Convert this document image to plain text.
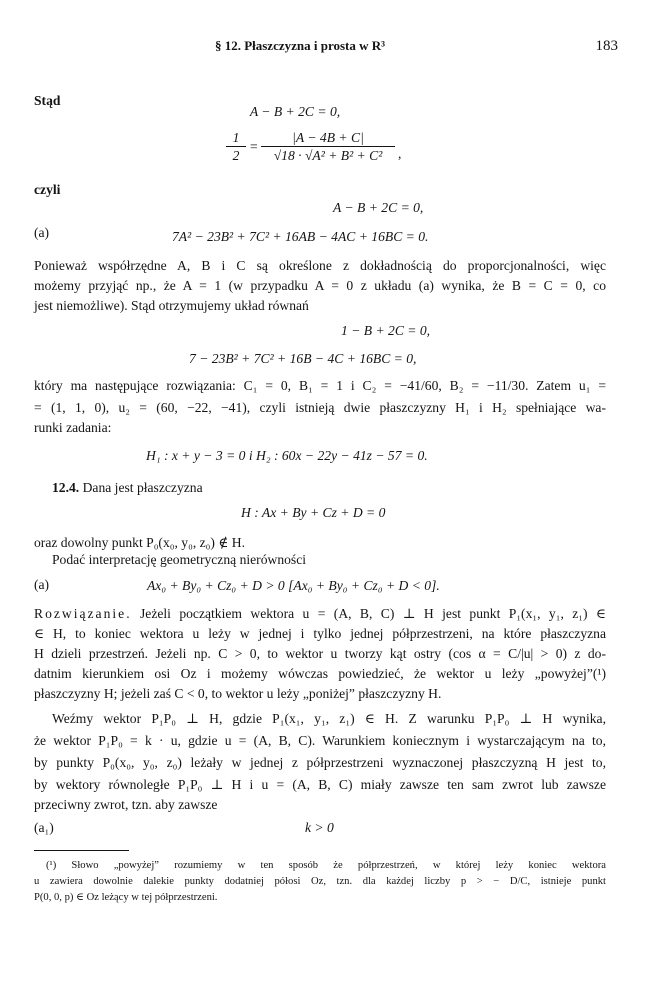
§ 12. Płaszczyzna i prosta w R³	183
Stąd
A − B + 2C = 0,
$\frac{1}{2} = \frac{|A - 4B + C|}{\text{√18 · √A² + B² + C²}}$ ,
czyli
A − B + 2C = 0,
(a)	7A² − 23B² + 7C² + 16AB − 4AC + 16BC = 0.
Ponieważ współrzędne A, B i C są określone z dokładnością do proporcjonalności, więc
możemy przyjąć np., że A = 1 (w przypadku A = 0 z układu (a) wynika, że B = C = 0, co
jest niemożliwe). Stąd otrzymujemy układ równań
1 − B + 2C = 0,
7 − 23B² + 7C² + 16B − 4C + 16BC = 0,
który ma następujące rozwiązania: C₁ = 0, B₁ = 1 i C₂ = −41/60, B₂ = −11/30. Zatem u₁ =
= (1, 1, 0), u₂ = (60, −22, −41), czyli istnieją dwie płaszczyzny H₁ i H₂ spełniające wa-
runki zadania:
H₁ : x + y − 3 = 0 i H₂ : 60x − 22y − 41z − 57 = 0.
12.4. Dana jest płaszczyzna
H : Ax + By + Cz + D = 0
oraz dowolny punkt P₀(x₀, y₀, z₀) ∉ H.
Podać interpretację geometryczną nierówności
(a)	Ax₀ + By₀ + Cz₀ + D > 0 [Ax₀ + By₀ + Cz₀ + D < 0].
Rozwiązanie. Jeżeli początkiem wektora u = (A, B, C) ⊥ H jest punkt P₁(x₁, y₁, z₁) ∈
∈ H, to koniec wektora u leży w jednej i tylko jednej półprzestrzeni, na które płaszczyzna
H dzieli przestrzeń. Jeżeli np. C > 0, to wektor u tworzy kąt ostry (cos α = C/|u| > 0) z do-
datnim kierunkiem osi Oz i możemy wówczas powiedzieć, że wektor u leży „powyżej”(¹)
płaszczyzny H; jeżeli zaś C < 0, to wektor u leży „poniżej” płaszczyzny H.
Weźmy wektor P₁P₀ ⊥ H, gdzie P₁(x₁, y₁, z₁) ∈ H. Z warunku P₁P₀ ⊥ H wynika,
że wektor P₁P₀ = k · u, gdzie u = (A, B, C). Warunkiem koniecznym i wystarczającym na to,
by punkty P₀(x₀, y₀, z₀) leżały w jednej z półprzestrzeni wyznaczonej płaszczyzną H jest to,
by wektory równoległe P₁P₀ ⊥ H i u = (A, B, C) miały zawsze ten sam zwrot lub zawsze
przeciwny zwrot, tzn. aby zawsze
(a₁)	k > 0
(¹) Słowo „powyżej” rozumiemy w ten sposób że półprzestrzeń, w której leży koniec wektora
u zawiera dowolnie dalekie punkty dodatniej półosi Oz, tzn. dla każdej liczby p > − D/C, istnieje punkt
P(0, 0, p) ∈ Oz leżący w tej półprzestrzeni.
